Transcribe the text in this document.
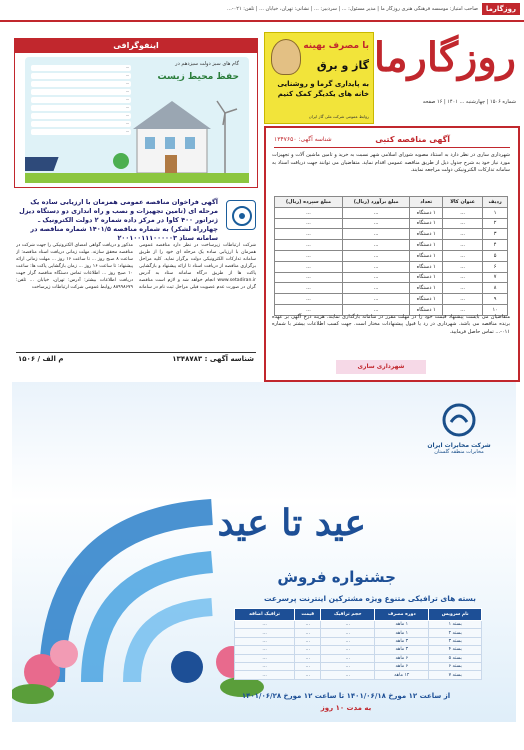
روزگارما
صاحب امتیاز: موسسه فرهنگی هنری روزگار ما | مدیر مسئول: ... | سردبیر: ... | نشانی: تهران، خیابان ... | تلفن: ۰۲۱-...
روزگارما
شماره ۱۵۰۶ | چهارشنبه ... ۱۴۰۱ | ۱۶ صفحه
با مصرف بهینه
گاز و برق
به پایداری گرما و روشنایی خانه های یکدیگر کمک کنیم
روابط عمومی شرکت ملی گاز ایران
اینفوگرافی
گام های سبز دولت سیزدهم در
حفظ محیط زیست
...
...
...
...
...
...
...
...
...
آگهی فراخوان مناقصه عمومی همزمان با ارزیابی ساده یک مرحله ای (تامین تجهیزات و نصب و راه اندازی دو دستگاه دیزل ژنراتور ۴۰۰ کاوا در مرکز داده شماره ۲ دولت الکترونیک ـ چهارراه لشکر) به شماره مناقصه ۱۴۰۱/۵ شماره مناقصه در سامانه ستاد ۲۰۰۱۰۰۱۱۱۰۰۰۰۰۳
شرکت ارتباطات زیرساخت در نظر دارد مناقصه عمومی همزمان با ارزیابی ساده یک مرحله ای خود را از طریق سامانه تدارکات الکترونیکی دولت برگزار نماید. کلیه مراحل برگزاری مناقصه از دریافت اسناد تا ارائه پیشنهاد و بازگشایی پاکت ها از طریق درگاه سامانه ستاد به آدرس www.setadiran.ir انجام خواهد شد و لازم است مناقصه گران در صورت عدم عضویت قبلی مراحل ثبت نام در سامانه مذکور و دریافت گواهی امضای الکترونیکی را جهت شرکت در مناقصه محقق سازند. مهلت زمانی دریافت اسناد مناقصه: از ساعت ۸ صبح روز ... تا ساعت ۱۶ روز ... مهلت زمانی ارائه پیشنهاد: تا ساعت ۱۶ روز ... زمان بازگشایی پاکت ها: ساعت ۱۰ صبح روز ... اطلاعات تماس دستگاه مناقصه گزار جهت دریافت اطلاعات بیشتر: آدرس: تهران، خیابان ... تلفن: ۸۸۹۹۸۶۷۹ روابط عمومی شرکت ارتباطات زیرساخت
شناسه آگهی : ۱۳۴۸۷۸۳
م الف / ۱۵۰۶
آگهی مناقصه کتبی
شناسه آگهی: ۱۳۴۷۶۵۰
شهرداری ساری در نظر دارد به استناد مصوبه شورای اسلامی شهر نسبت به خرید و تامین ماشین آلات و تجهیزات مورد نیاز خود به شرح جدول ذیل از طریق مناقصه عمومی اقدام نماید. متقاضیان می توانند جهت دریافت اسناد به سامانه تدارکات الکترونیکی دولت مراجعه نمایند.
ردیف	عنوان کالا	تعداد	مبلغ برآورد (ریال)	مبلغ سپرده (ریال)
۱	...	۱ دستگاه	...	...
۲	...	۱ دستگاه	...	...
۳	...	۱ دستگاه	...	...
۴	...	۱ دستگاه	...	...
۵	...	۱ دستگاه	...	...
۶	...	۱ دستگاه	...	...
۷	...	۱ دستگاه	...	...
۸	...	۱ دستگاه	...	...
۹	...	۱ دستگاه	...	...
۱۰	...	۱ دستگاه	...	...
متقاضیان می بایست پیشنهاد قیمت خود را در مهلت مقرر در سامانه بارگذاری نمایند. هزینه درج آگهی بر عهده برنده مناقصه می باشد. شهرداری در رد یا قبول پیشنهادات مختار است. جهت کسب اطلاعات بیشتر با شماره ۰۱۱-... تماس حاصل فرمایید.
شهرداری ساری
شرکت مخابرات ایران
مخابرات منطقه گلستان
عید تا عید
جشنواره فروش
بسته های ترافیکی متنوع ویژه مشترکین اینترنت پرسرعت
نام سرویس	دوره مصرف	حجم ترافیک	قیمت	ترافیک اضافه
بسته ۱	۱ ماهه	...	...	...
بسته ۲	۱ ماهه	...	...	...
بسته ۳	۳ ماهه	...	...	...
بسته ۴	۳ ماهه	...	...	...
بسته ۵	۶ ماهه	...	...	...
بسته ۶	۶ ماهه	...	...	...
بسته ۷	۱۲ ماهه	...	...	...
از ساعت ۱۲ مورخ ۱۴۰۱/۰۶/۱۸ تا ساعت ۱۲ مورخ ۱۴۰۱/۰۶/۲۸
به مدت ۱۰ روز
